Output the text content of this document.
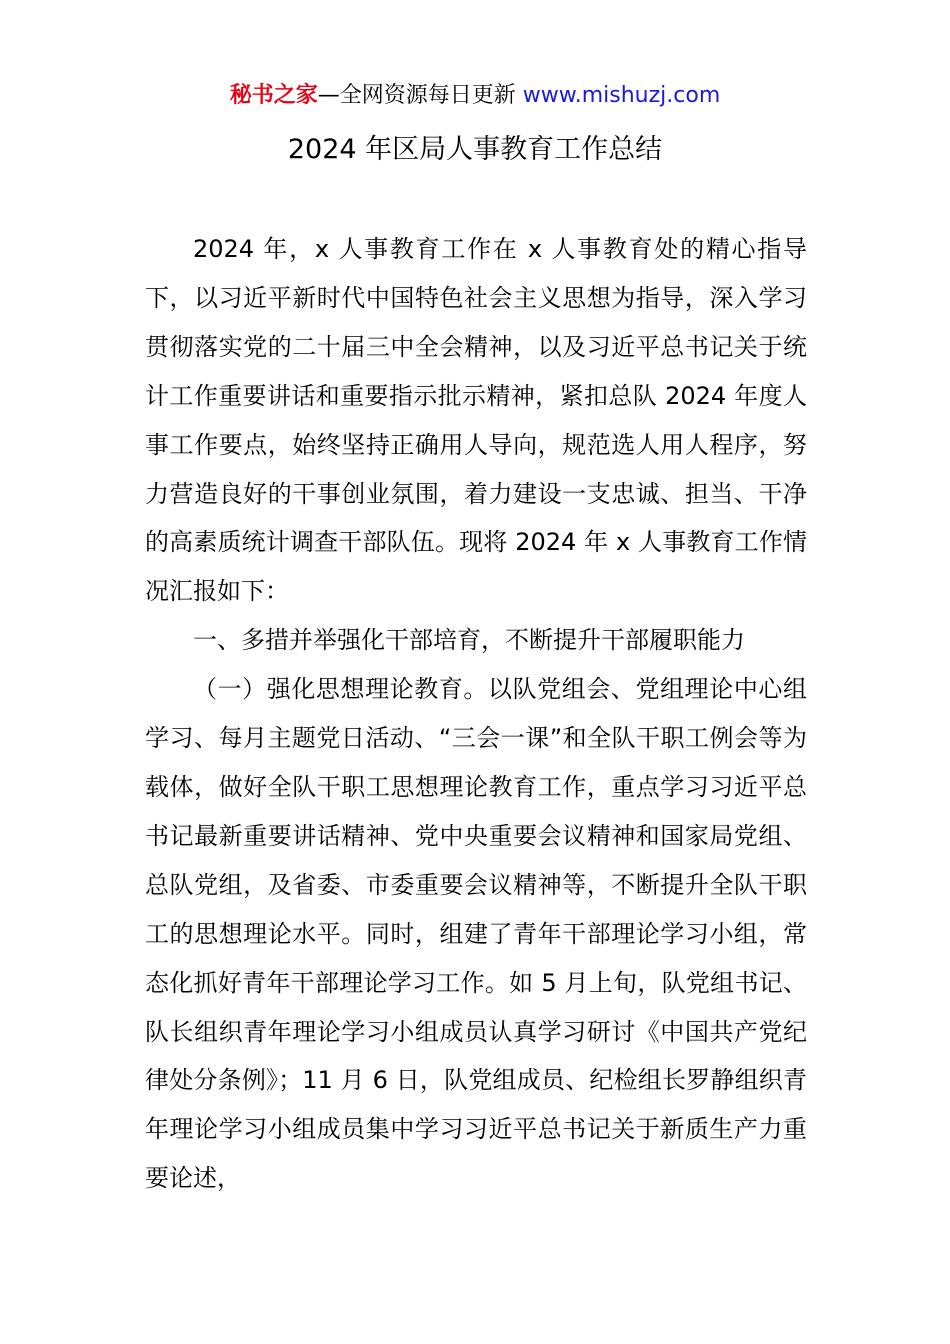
秘书之家—全网资源每日更新 www.mishuzj.com
2024 年区局人事教育工作总结

2024 年，x 人事教育工作在 x 人事教育处的精心指导下，以习近平新时代中国特色社会主义思想为指导，深入学习贯彻落实党的二十届三中全会精神，以及习近平总书记关于统计工作重要讲话和重要指示批示精神，紧扣总队 2024 年度人事工作要点，始终坚持正确用人导向，规范选人用人程序，努力营造良好的干事创业氛围，着力建设一支忠诚、担当、干净的高素质统计调查干部队伍。现将 2024 年 x 人事教育工作情况汇报如下：

一、多措并举强化干部培育，不断提升干部履职能力

（一）强化思想理论教育。以队党组会、党组理论中心组学习、每月主题党日活动、“三会一课”和全队干职工例会等为载体，做好全队干职工思想理论教育工作，重点学习习近平总书记最新重要讲话精神、党中央重要会议精神和国家局党组、总队党组，及省委、市委重要会议精神等，不断提升全队干职工的思想理论水平。同时，组建了青年干部理论学习小组，常态化抓好青年干部理论学习工作。如 5 月上旬，队党组书记、队长组织青年理论学习小组成员认真学习研讨《中国共产党纪律处分条例》；11 月 6 日，队党组成员、纪检组长罗静组织青年理论学习小组成员集中学习习近平总书记关于新质生产力重要论述，
